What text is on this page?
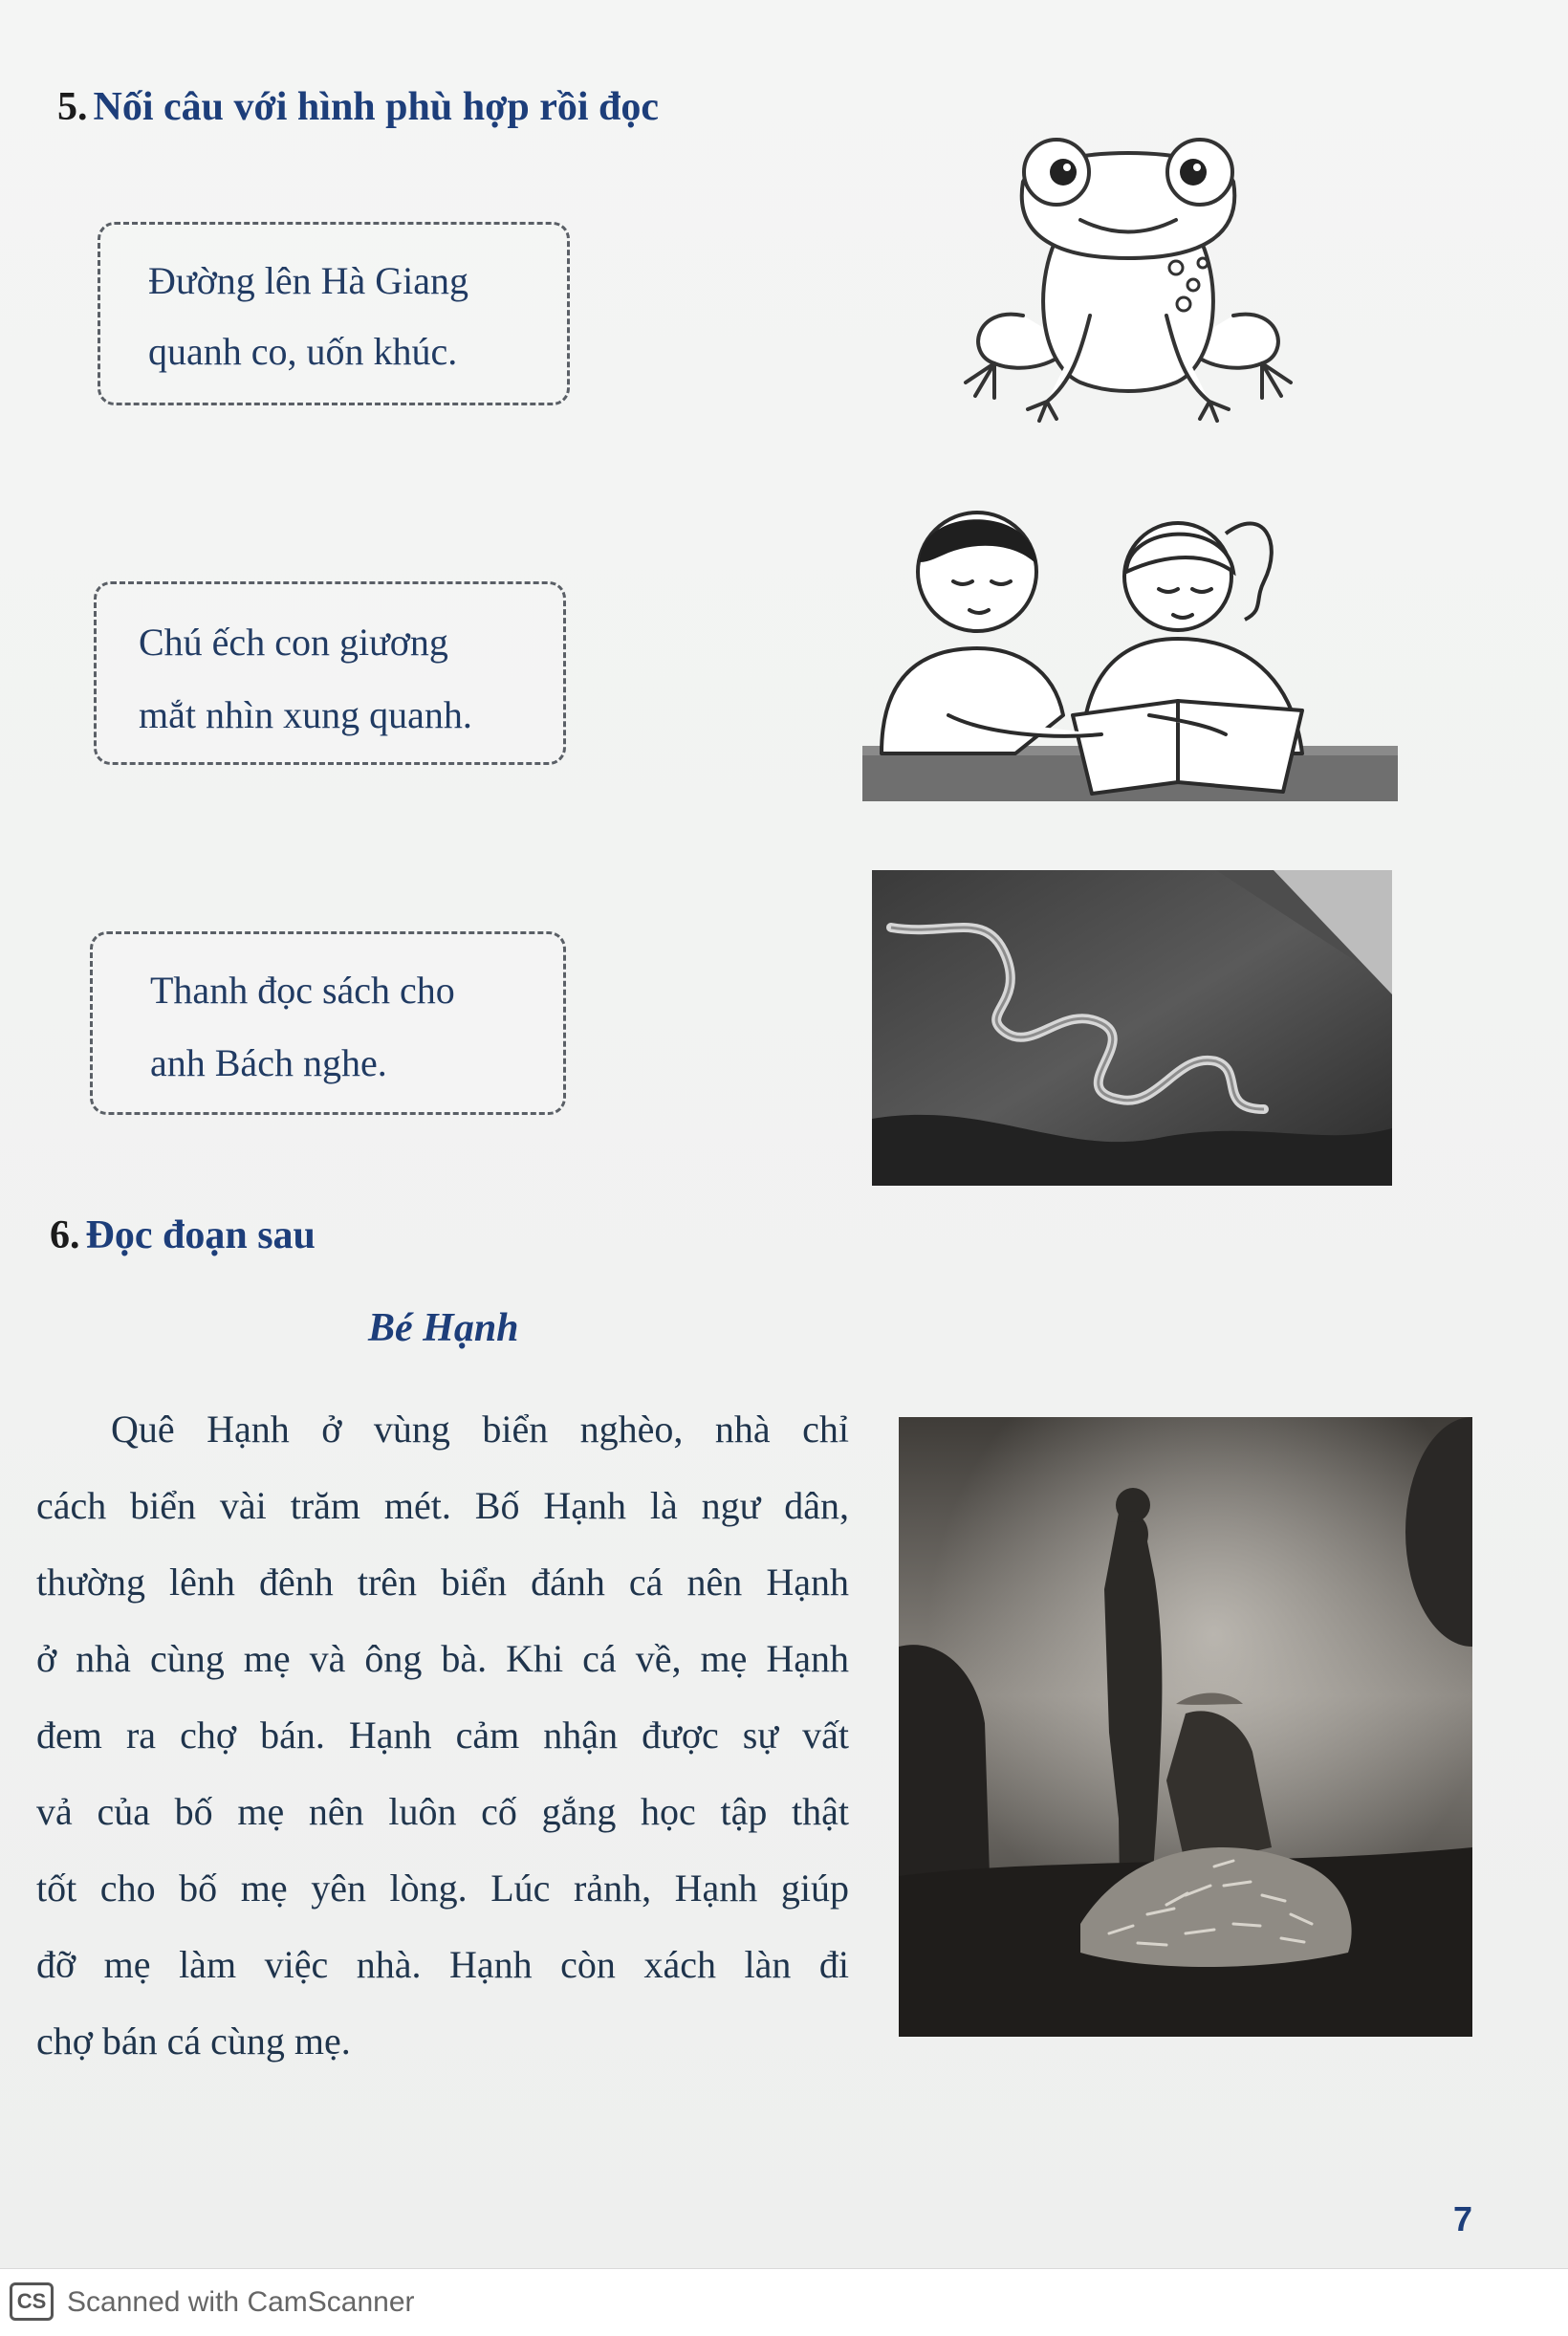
5. Nối câu với hình phù hợp rồi đọc

Đường lên Hà Giang

quanh co, uốn khúc.

Chú ếch con giương

mắt nhìn xung quanh.

Thanh đọc sách cho

anh Bách nghe.

6. Đọc đoạn sau
Bé Hạnh
Quê Hạnh ở vùng biển nghèo, nhà chỉ
cách biển vài trăm mét. Bố Hạnh là ngư dân,
thường lênh đênh trên biển đánh cá nên Hạnh
ở nhà cùng mẹ và ông bà. Khi cá về, mẹ Hạnh
đem ra chợ bán. Hạnh cảm nhận được sự vất
vả của bố mẹ nên luôn cố gắng học tập thật
tốt cho bố mẹ yên lòng. Lúc rảnh, Hạnh giúp
đỡ mẹ làm việc nhà. Hạnh còn xách làn đi
chợ bán cá cùng mẹ.
7
CS Scanned with CamScanner
